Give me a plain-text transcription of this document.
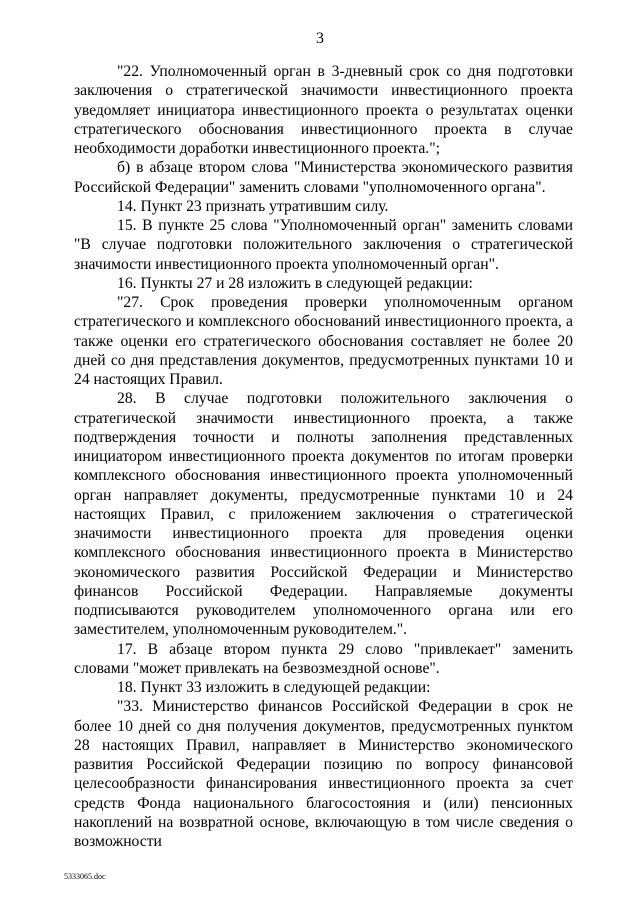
3

"22. Уполномоченный орган в 3-дневный срок со дня подготовки заключения о стратегической значимости инвестиционного проекта уведомляет инициатора инвестиционного проекта о результатах оценки стратегического обоснования инвестиционного проекта в случае необходимости доработки инвестиционного проекта.";

б) в абзаце втором слова "Министерства экономического развития Российской Федерации" заменить словами "уполномоченного органа".

14. Пункт 23 признать утратившим силу.

15. В пункте 25 слова "Уполномоченный орган" заменить словами "В случае подготовки положительного заключения о стратегической значимости инвестиционного проекта уполномоченный орган".

16. Пункты 27 и 28 изложить в следующей редакции:

"27. Срок проведения проверки уполномоченным органом стратегического и комплексного обоснований инвестиционного проекта, а также оценки его стратегического обоснования составляет не более 20 дней со дня представления документов, предусмотренных пунктами 10 и 24 настоящих Правил.

28. В случае подготовки положительного заключения о стратегической значимости инвестиционного проекта, а также подтверждения точности и полноты заполнения представленных инициатором инвестиционного проекта документов по итогам проверки комплексного обоснования инвестиционного проекта уполномоченный орган направляет документы, предусмотренные пунктами 10 и 24 настоящих Правил, с приложением заключения о стратегической значимости инвестиционного проекта для проведения оценки комплексного обоснования инвестиционного проекта в Министерство экономического развития Российской Федерации и Министерство финансов Российской Федерации. Направляемые документы подписываются руководителем уполномоченного органа или его заместителем, уполномоченным руководителем.".

17. В абзаце втором пункта 29 слово "привлекает" заменить словами "может привлекать на безвозмездной основе".

18. Пункт 33 изложить в следующей редакции:

"33. Министерство финансов Российской Федерации в срок не более 10 дней со дня получения документов, предусмотренных пунктом 28 настоящих Правил, направляет в Министерство экономического развития Российской Федерации позицию по вопросу финансовой целесообразности финансирования инвестиционного проекта за счет средств Фонда национального благосостояния и (или) пенсионных накоплений на возвратной основе, включающую в том числе сведения о возможности

5333065.doc
